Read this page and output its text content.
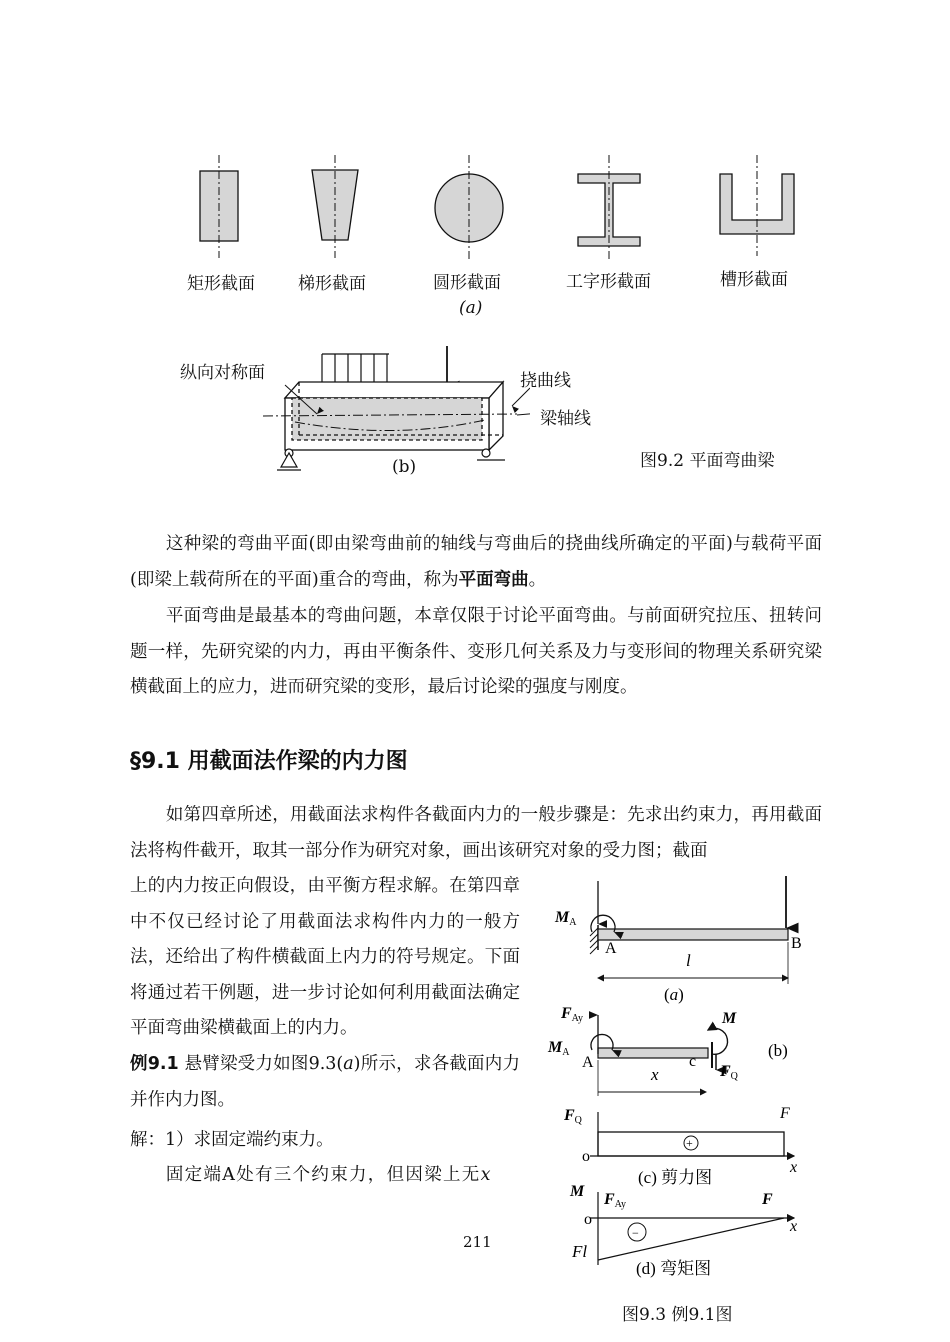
矩形截面	梯形截面	圆形截面	工字形截面	槽形截面
(a)
纵向对称面	挠曲线
梁轴线
(b)	图9.2 平面弯曲梁
这种梁的弯曲平面(即由梁弯曲前的轴线与弯曲后的挠曲线所确定的平面)与载荷平面(即梁上载荷所在的平面)重合的弯曲，称为平面弯曲。
平面弯曲是最基本的弯曲问题，本章仅限于讨论平面弯曲。与前面研究拉压、扭转问题一样，先研究梁的内力，再由平衡条件、变形几何关系及力与变形间的物理关系研究梁横截面上的应力，进而研究梁的变形，最后讨论梁的强度与刚度。
§9.1 用截面法作梁的内力图
如第四章所述，用截面法求构件各截面内力的一般步骤是：先求出约束力，再用截面法将构件截开，取其一部分作为研究对象，画出该研究对象的受力图；截面
上的内力按正向假设，由平衡方程求解。在第四章中不仅已经讨论了用截面法求构件内力的一般方法，还给出了构件横截面上内力的符号规定。下面将通过若干例题，进一步讨论如何利用截面法确定平面弯曲梁横截面上的内力。
例9.1 悬臂梁受力如图9.3(a)所示，求各截面内力并作内力图。
解：1）求固定端约束力。
固定端A处有三个约束力，但因梁上无x
211
MA
A	B
l
(a)
FAy	M
MA
A	c
FQ
x
(b)
FQ	F
+
o
x
(c) 剪力图
M FAy	F
o	x
−
Fl
(d) 弯矩图
图9.3 例9.1图
